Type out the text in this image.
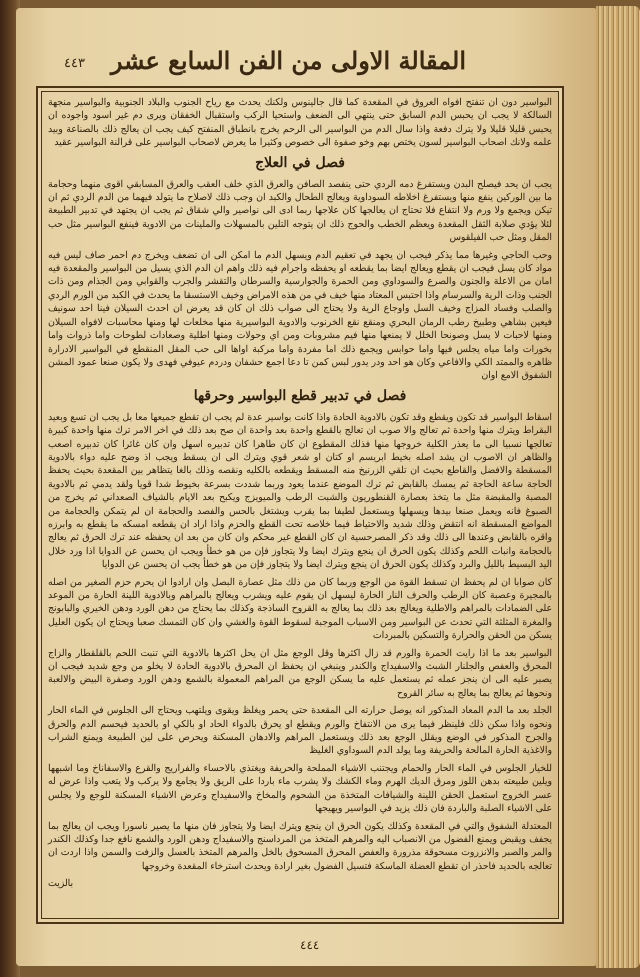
٤٤٣ المقالة الاولى من الفن السابع عشر

البواسير دون ان تنفتح افواه العروق في المقعدة كما قال جالينوس ولكنك يحدث مع رياح الجنوب والبلاد الجنوبية والبواسير منجهة السالكة لا يجب ان يحبس الدم السابق حتى ينتهي الى الضعف واستحيا الركب واستقبال الخفقان ويرى دم غير اسود واجوده ان يحبس قليلا قليلا ولا يترك دفعة واذا سال الدم من البواسير الى الرحم يخرج بانطباق المنفتح كيف يجب ان يعالج ذلك بالصناعة وبيد علمه ولانك اصحاب البواسير لسون يختص بهم وخو صفوة الى خصوص وكثيرا ما يعرض لاصحاب البواسير على قرالنة البواسير عقيد

فصل في العلاج

يجب ان يحد فيصلح البدن ويستفرغ دمه الردي حتى ينفصد الصافن والعرق الذي خلف العقب والعرق المسابقي اقوى منهما وحجامة ما بين الوركين ينفع منها ويستفرغ اخلاطه السوداوية ويعالج الطحال والكبد ان وجب ذلك لاصلاح ما يتولد فيهما من الدم الردي ثم ان تيكن ويجمع ولا ورم ولا انتفاع فلا تحتاج ان يعالجها كان علاجها ربما ادى الى نواصير والي شقاق ثم يجب ان يجتهد في تدبير الطبيعة لئلا يؤدي صلابة الثقل المقعدة ويعظم الخطب والحوج ذلك ان يتوجه التلين بالمسهلات والملينات من الادوية فينفع البواسير مثل حب المقل ومثل حب الفيلقوس

وحب الحاجي وغيرها مما يذكر فيجب ان يجهد في تعقيم الدم ويسهل الدم ما امكن الى ان تضعف ويخرج دم احمر صاف ليس فيه مواد كان يسل فيجب ان يقطع ويعالج ايضا بما يقطعه او يحفظه واجرام فيه ذلك واهم ان الدم الذي يسيل من البواسير والمقعدة فيه امان من الاعلة والجنون والصرع والسوداوي ومن الحمرة والجوارسية والسرطان والتقشر والجرب والقوابي ومن الجذام ومن ذات الجنب وذات الرية والسرسام واذا احتبس المعتاد منها خيف في من هذه الامراض وخيف الاستسقا ما يحدث في الكبد من الورم الردي والصلب وفساد المزاج وخيف السل واوجاع الرية ولا يحتاج الى صواب ذلك ان كان قد يعرض ان احدث السيلان فينا احد سونيف فيعين بشاهي وطبيخ رطب الرمان البحري ومنقع نقع الخرنوب والادوية البواسيرية منها مخلعات لها ومنها محاسبات لافواه السيلان ومنها لاحبات لا يسل وصونحا الخلل لا يمنعها منها فيم مشروبات ومن اي وحولات ومنها اطلية وصعادات لطوحات واما ذروات واما بخورات واما مياه يجلس فيها واما حوابس ويجمع ذلك اما مفردة واما مركبة اواها الى حب المقل المنقطع في البواسير الادرارة ظاهره والممتد الكي والافاعي وكان هو احد ودر يدور لبس كمن تا دعا اجمع حشفان ودردم عيوفي فهدى ولا يكون صنعا عمود المشن الشفوق الامع اوان

فصل في تدبير قطع البواسير وحرقها

اسقاط البواسير قد تكون ويقطع وقد تكون بالادوية الحادة واذا كانت بواسير عدة لم يجب ان تقطع جميعها معا بل يجب ان تسع وبعيد البقراط ويترك منها واحدة ثم تعالج والا صوب ان تعالج بالقطع واحدة بعد واحدة ان صح بعد ذلك في اخر الامر ترك منها واحدة كبيرة تعالجها نسبيا الى ما يعذر الكلية خروجها منها فذلك المقطوع ان كان طاهرا كان تدبيره اسهل وان كان غائرا كان تدبيره اصعب والظاهر ان الاصوب ان يشد اصله بخيط ابريسم او كتان او شعر قوي ويترك الى ان يسقط ويجب اذ وضح عليه دواء بالادوية المسقطة والافضل والقاطع بحيث ان تلقي الزرنيخ منه المسقط ويقطعه بالكليه ونقصه وذلك بالغا يتظاهر بين المقعدة بحيث يحفظ الحاجة ساعة الحاجة ثم يمسك بالقابض ثم ترك الموضع عندما يعود وربما شددت بسرعة بخيوط شدا قويا ولقد يدمي ثم بالادوية المصبة والمقبضة مثل ما يتخذ بعصارة القنطوريون والشبت الرطب والميويزج ويكبح بعد الايام بالشياف الصعداني ثم يخرج من الصبوغ فانه ويعمل صنعا بيدها ويسهلها ويستعمل لطيفا بما يقرب ويشتغل بالحس والفصد والحجامة ان لم يتمكن والحجامة من المواضع المسقطة انه انتقض وذلك شديد والاحتياط فيما خلاصه تحت القطع والحزم واذا اراد ان يقطعه امسكه ما يقطع به وابرزه واقره بالقابض وعندها الى ذلك وقد ذكر المصرحسية ان كان القطع غير محكم وان كان من بعد ان يحفظه عند ترك الحرق ثم يعالج بالحجامة وانبات اللحم وكذلك يكون الحرق ان ينجع ويترك ايضا ولا يتجاوز فإن من هو خطأ ويجب ان يحسن عن الدوايا اذا ورد خلال اليد البسيط بالليل والبرد وكذلك يكون الحرق ان ينجع ويترك ايضا ولا يتجاوز فإن من هو خطأ يجب ان يحسن عن الدوايا

كان صوابا ان لم يحفظ ان تسقط القوة من الوجع وربما كان من ذلك مثل عصارة البصل وان ارادوا ان يحرم حزم الصغير من اصله بالمجيرة وعصبة كان الرطب والحرف النار الحارة ليسهل ان يقوم عليه ويشرب ويعالج بالمراهم وبالادوية اللينة الحارة من الموعد على الضمادات بالمراهم والاطلية ويعالج بعد ذلك بما يعالج به القروح الساذجة وكذلك بما يحتاج من دهن الورد ودهن الخيري والبابونج والمغرة المثلثة التي تحدث عن البواسير ومن الاسباب الموجبة لسقوط القوة والغشي وان كان التمسك صعبا ويحتاج ان يكون العليل يسكن من الحقن والحرارة والتسكين بالمبردات

البواسير بعد ما اذا رايت الحمرة والورم قد زال اكثرها وقل الوجع مثل ان يحل اكثرها بالادوية التي تنبت اللحم بالقلقطار والزاج المحرق والعفص والجلنار الشبث والاسفيداج والكندر وينبغي ان يحفظ ان المحرق بالادوية الحادة لا يخلو من وجع شديد فيجب ان يصبر عليه الى ان ينجز عمله ثم يستعمل عليه ما يسكن الوجع من المراهم المعمولة بالشمع ودهن الورد وصفرة البيض والالعبة ونحوها ثم يعالج بما يعالج به سائر القروح

الجلد بعد ما الدم المعاد المذكور انه يوصل حرارته الى المقعدة حتى يحمر ويغلظ ويقوى ويلتهب ويحتاج الى الجلوس في الماء الحار ونحوه واذا سكن ذلك فلينظر فيما يرى من الانتفاخ والورم ويقطع او يحرق بالدواء الحاد او بالكي او بالحديد فيحسم الدم والحرق والجرح المذكور في الوضع ويقلل الوجع بعد ذلك ويستعمل المراهم والادهان المسكنة ويحرص على لين الطبيعة ويمنع الشراب والاغذية الحارة المالحة والحريفة وما يولد الدم السوداوي الغليظ

للخيار الجلوس في الماء الحار والحمام ويجتنب الاشياء المملحة والحريفة ويغتذي بالاحساء والفراريج والقرع والاسفاناخ وما اشبهها ويلين طبيعته بدهن اللوز ومرق الديك الهرم وماء الكشك ولا يشرب ماء باردا على الريق ولا يجامع ولا يركب ولا يتعب واذا عرض له عسر الخروج استعمل الحقن اللينة والشيافات المتخذة من الشحوم والمخاخ والاسفيداج وعرض الاشياء المسكنة للوجع ولا يجلس على الاشياء الصلبة والباردة فان ذلك يزيد في البواسير ويهيجها

المعتدلة الشفوق والتي في المقعدة وكذلك يكون الحرق ان ينجع ويترك ايضا ولا يتجاوز فان منها ما يصير ناسورا ويجب ان يعالج بما يجفف ويقبض ويمنع الفضول من الانصباب اليه والمرهم المتخذ من المرداسنج والاسفيداج ودهن الورد والشمع نافع جدا وكذلك الكندر والمر والصبر والانزروت مسحوقة مذرورة والعفص المحرق المسحوق بالخل والمرهم المتخذ بالعسل والزفت والسمن واذا اردت ان تعالجه بالحديد فاحذر ان تقطع العضلة الماسكة فتسيل الفضول بغير ارادة ويحدث استرخاء المقعدة وخروجها

بالزيت
٤٤٤
